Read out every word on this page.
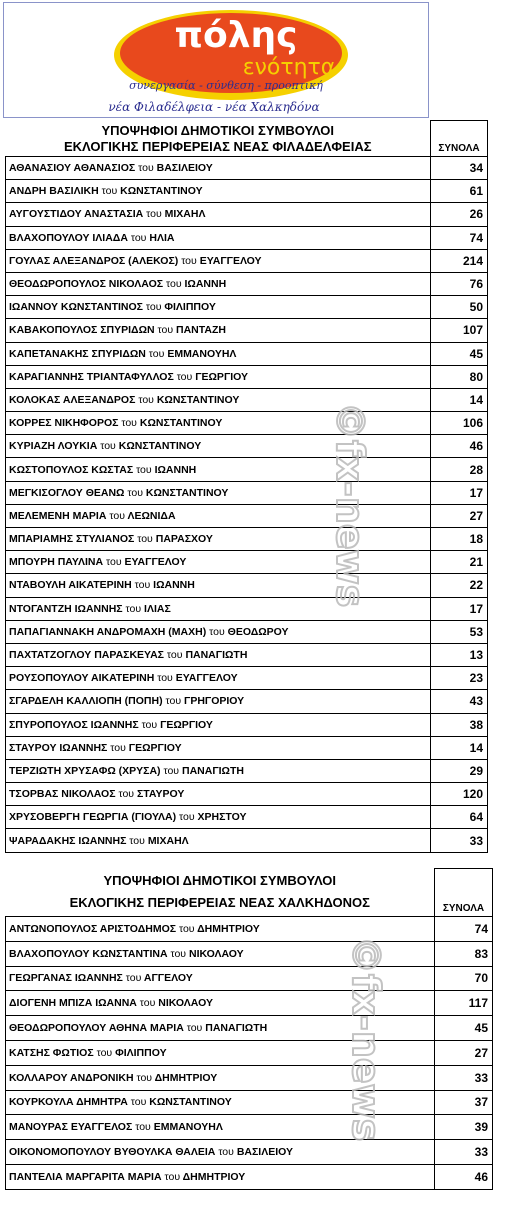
πόλης
ενότητα
συνεργασία - σύνθεση - προοπτική
νέα Φιλαδέλφεια - νέα Χαλκηδόνα
ΥΠΟΨΗΦΙΟΙ ΔΗΜΟΤΙΚΟΙ ΣΥΜΒΟΥΛΟΙ
ΕΚΛΟΓΙΚΗΣ ΠΕΡΙΦΕΡΕΙΑΣ ΝΕΑΣ ΦΙΛΑΔΕΛΦΕΙΑΣ	ΣΥΝΟΛΑ
ΑΘΑΝΑΣΙΟΥ ΑΘΑΝΑΣΙΟΣ του ΒΑΣΙΛΕΙΟΥ	34
ΑΝΔΡΗ ΒΑΣΙΛΙΚΗ του ΚΩΝΣΤΑΝΤΙΝΟΥ	61
ΑΥΓΟΥΣΤΙΔΟΥ ΑΝΑΣΤΑΣΙΑ του ΜΙΧΑΗΛ	26
ΒΛΑΧΟΠΟΥΛΟΥ ΙΛΙΑΔΑ του ΗΛΙΑ	74
ΓΟΥΛΑΣ ΑΛΕΞΑΝΔΡΟΣ (ΑΛΕΚΟΣ) του ΕΥΑΓΓΕΛΟΥ	214
ΘΕΟΔΩΡΟΠΟΥΛΟΣ ΝΙΚΟΛΑΟΣ του ΙΩΑΝΝΗ	76
ΙΩΑΝΝΟΥ ΚΩΝΣΤΑΝΤΙΝΟΣ του ΦΙΛΙΠΠΟΥ	50
ΚΑΒΑΚΟΠΟΥΛΟΣ ΣΠΥΡΙΔΩΝ του ΠΑΝΤΑΖΗ	107
ΚΑΠΕΤΑΝΑΚΗΣ ΣΠΥΡΙΔΩΝ του ΕΜΜΑΝΟΥΗΛ	45
ΚΑΡΑΓΙΑΝΝΗΣ ΤΡΙΑΝΤΑΦΥΛΛΟΣ του ΓΕΩΡΓΙΟΥ	80
ΚΟΛΟΚΑΣ ΑΛΕΞΑΝΔΡΟΣ του ΚΩΝΣΤΑΝΤΙΝΟΥ	14
ΚΟΡΡΕΣ ΝΙΚΗΦΟΡΟΣ του ΚΩΝΣΤΑΝΤΙΝΟΥ	106
ΚΥΡΙΑΖΗ ΛΟΥΚΙΑ του ΚΩΝΣΤΑΝΤΙΝΟΥ	46
ΚΩΣΤΟΠΟΥΛΟΣ ΚΩΣΤΑΣ του ΙΩΑΝΝΗ	28
ΜΕΓΚΙΣΟΓΛΟΥ ΘΕΑΝΩ του ΚΩΝΣΤΑΝΤΙΝΟΥ	17
ΜΕΛΕΜΕΝΗ ΜΑΡΙΑ του ΛΕΩΝΙΔΑ	27
ΜΠΑΡΙΑΜΗΣ ΣΤΥΛΙΑΝΟΣ του ΠΑΡΑΣΧΟΥ	18
ΜΠΟΥΡΗ ΠΑΥΛΙΝΑ του ΕΥΑΓΓΕΛΟΥ	21
ΝΤΑΒΟΥΛΗ ΑΙΚΑΤΕΡΙΝΗ του ΙΩΑΝΝΗ	22
ΝΤΟΓΑΝΤΖΗ ΙΩΑΝΝΗΣ του ΙΛΙΑΣ	17
ΠΑΠΑΓΙΑΝΝΑΚΗ ΑΝΔΡΟΜΑΧΗ (ΜΑΧΗ) του ΘΕΟΔΩΡΟΥ	53
ΠΑΧΤΑΤΖΟΓΛΟΥ ΠΑΡΑΣΚΕΥΑΣ του ΠΑΝΑΓΙΩΤΗ	13
ΡΟΥΣΟΠΟΥΛΟΥ ΑΙΚΑΤΕΡΙΝΗ του ΕΥΑΓΓΕΛΟΥ	23
ΣΓΑΡΔΕΛΗ ΚΑΛΛΙΟΠΗ (ΠΟΠΗ) του ΓΡΗΓΟΡΙΟΥ	43
ΣΠΥΡΟΠΟΥΛΟΣ ΙΩΑΝΝΗΣ του ΓΕΩΡΓΙΟΥ	38
ΣΤΑΥΡΟΥ ΙΩΑΝΝΗΣ του ΓΕΩΡΓΙΟΥ	14
ΤΕΡΖΙΩΤΗ ΧΡΥΣΑΦΩ (ΧΡΥΣΑ) του ΠΑΝΑΓΙΩΤΗ	29
ΤΣΟΡΒΑΣ ΝΙΚΟΛΑΟΣ του ΣΤΑΥΡΟΥ	120
ΧΡΥΣΟΒΕΡΓΗ ΓΕΩΡΓΙΑ (ΓΙΟΥΛΑ) του ΧΡΗΣΤΟΥ	64
ΨΑΡΑΔΑΚΗΣ ΙΩΑΝΝΗΣ του ΜΙΧΑΗΛ	33
ΥΠΟΨΗΦΙΟΙ ΔΗΜΟΤΙΚΟΙ ΣΥΜΒΟΥΛΟΙ
ΕΚΛΟΓΙΚΗΣ ΠΕΡΙΦΕΡΕΙΑΣ ΝΕΑΣ ΧΑΛΚΗΔΟΝΟΣ	ΣΥΝΟΛΑ
ΑΝΤΩΝΟΠΟΥΛΟΣ ΑΡΙΣΤΟΔΗΜΟΣ του ΔΗΜΗΤΡΙΟΥ	74
ΒΛΑΧΟΠΟΥΛΟΥ ΚΩΝΣΤΑΝΤΙΝΑ του ΝΙΚΟΛΑΟΥ	83
ΓΕΩΡΓΑΝΑΣ ΙΩΑΝΝΗΣ του ΑΓΓΕΛΟΥ	70
ΔΙΟΓΕΝΗ ΜΠΙΖΑ ΙΩΑΝΝΑ του ΝΙΚΟΛΑΟΥ	117
ΘΕΟΔΩΡΟΠΟΥΛΟΥ ΑΘΗΝΑ ΜΑΡΙΑ του ΠΑΝΑΓΙΩΤΗ	45
ΚΑΤΣΗΣ ΦΩΤΙΟΣ του ΦΙΛΙΠΠΟΥ	27
ΚΟΛΛΑΡΟΥ ΑΝΔΡΟΝΙΚΗ του ΔΗΜΗΤΡΙΟΥ	33
ΚΟΥΡΚΟΥΛΑ ΔΗΜΗΤΡΑ του ΚΩΝΣΤΑΝΤΙΝΟΥ	37
ΜΑΝΟΥΡΑΣ ΕΥΑΓΓΕΛΟΣ του ΕΜΜΑΝΟΥΗΛ	39
ΟΙΚΟΝΟΜΟΠΟΥΛΟΥ ΒΥΘΟΥΛΚΑ ΘΑΛΕΙΑ του ΒΑΣΙΛΕΙΟΥ	33
ΠΑΝΤΕΛΙΑ ΜΑΡΓΑΡΙΤΑ ΜΑΡΙΑ του ΔΗΜΗΤΡΙΟΥ	46
©fx-news
©fx-news
